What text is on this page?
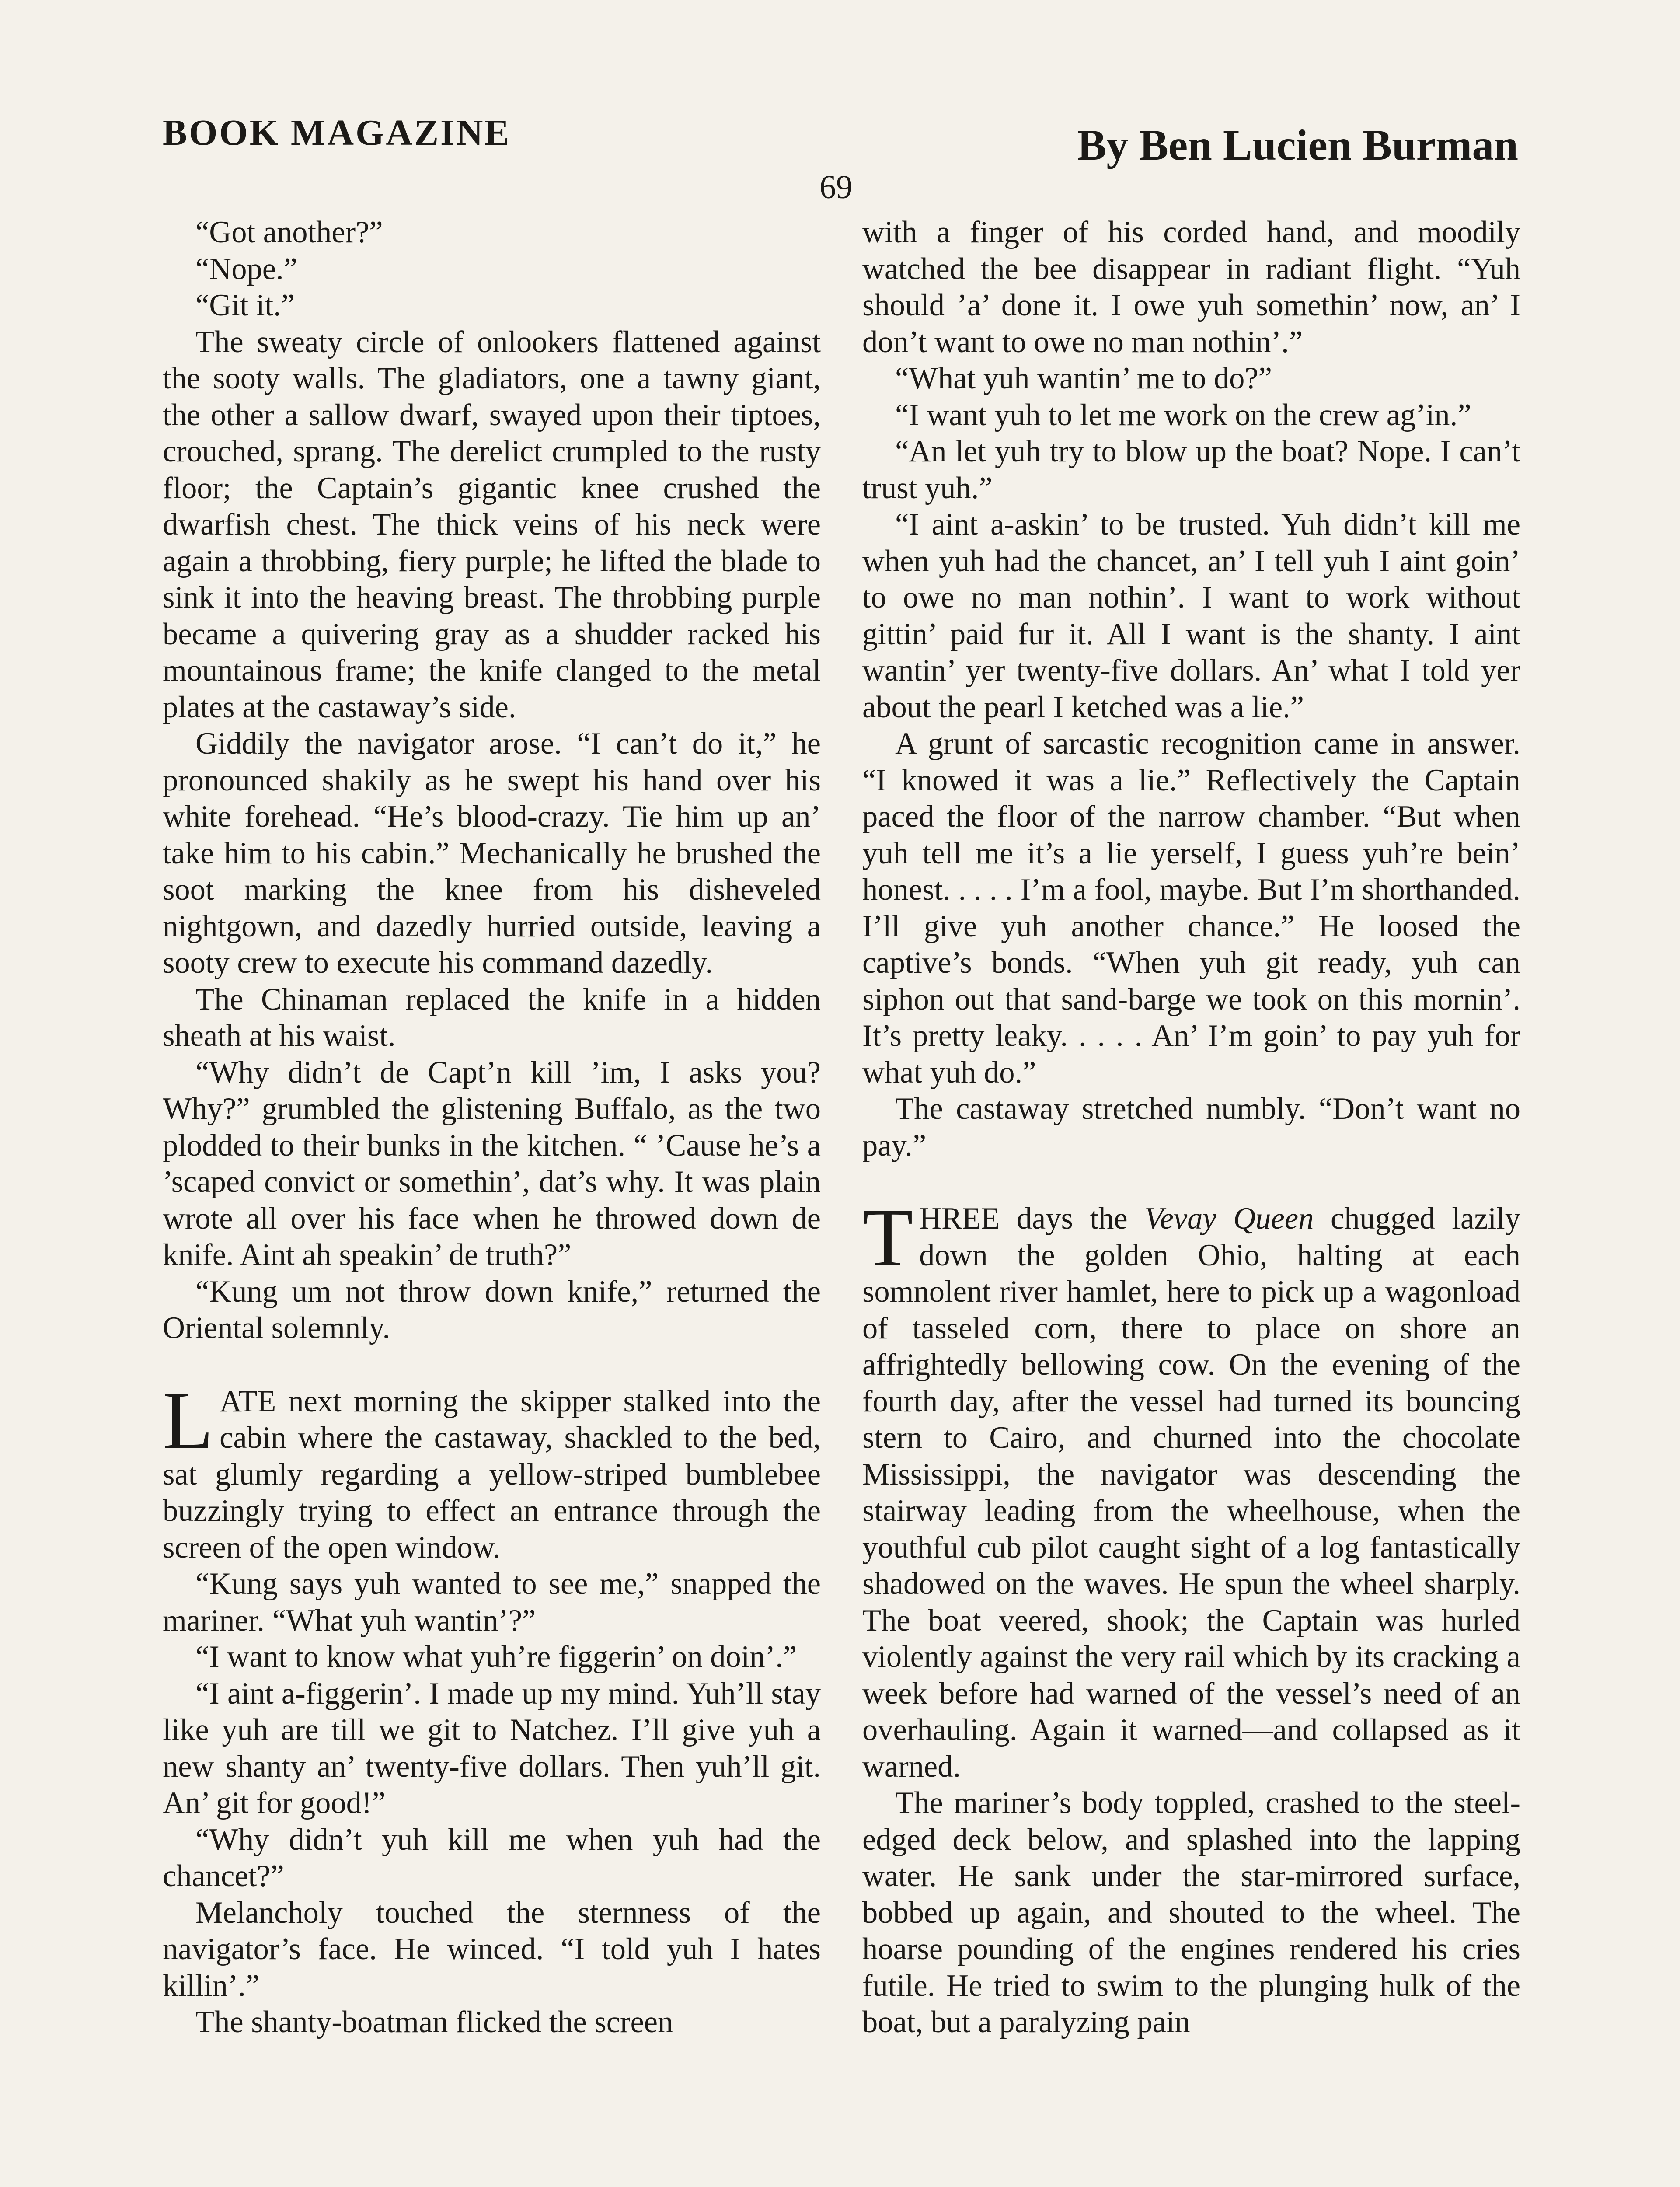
BOOK MAGAZINE	By Ben Lucien Burman
69

“Got another?”

“Nope.”

“Git it.”

The sweaty circle of onlookers flattened against the sooty walls. The gladiators, one a tawny giant, the other a sallow dwarf, swayed upon their tiptoes, crouched, sprang. The derelict crumpled to the rusty floor; the Captain’s gigantic knee crushed the dwarfish chest. The thick veins of his neck were again a throbbing, fiery purple; he lifted the blade to sink it into the heaving breast. The throbbing purple became a quivering gray as a shudder racked his mountainous frame; the knife clanged to the metal plates at the castaway’s side.

Giddily the navigator arose. “I can’t do it,” he pronounced shakily as he swept his hand over his white forehead. “He’s blood-crazy. Tie him up an’ take him to his cabin.” Mechanically he brushed the soot marking the knee from his disheveled nightgown, and dazedly hurried outside, leaving a sooty crew to execute his command dazedly.

The Chinaman replaced the knife in a hidden sheath at his waist.

“Why didn’t de Capt’n kill ’im, I asks you? Why?” grumbled the glistening Buffalo, as the two plodded to their bunks in the kitchen. “ ’Cause he’s a ’scaped convict or somethin’, dat’s why. It was plain wrote all over his face when he throwed down de knife. Aint ah speakin’ de truth?”

“Kung um not throw down knife,” returned the Oriental solemnly.

LATE next morning the skipper stalked into the cabin where the castaway, shackled to the bed, sat glumly regarding a yellow-striped bumblebee buzzingly trying to effect an entrance through the screen of the open window.

“Kung says yuh wanted to see me,” snapped the mariner. “What yuh wantin’?”

“I want to know what yuh’re figgerin’ on doin’.”

“I aint a-figgerin’. I made up my mind. Yuh’ll stay like yuh are till we git to Natchez. I’ll give yuh a new shanty an’ twenty-five dollars. Then yuh’ll git. An’ git for good!”

“Why didn’t yuh kill me when yuh had the chancet?”

Melancholy touched the sternness of the navigator’s face. He winced. “I told yuh I hates killin’.”

The shanty-boatman flicked the screen

with a finger of his corded hand, and moodily watched the bee disappear in radiant flight. “Yuh should ’a’ done it. I owe yuh somethin’ now, an’ I don’t want to owe no man nothin’.”

“What yuh wantin’ me to do?”

“I want yuh to let me work on the crew ag’in.”

“An let yuh try to blow up the boat? Nope. I can’t trust yuh.”

“I aint a-askin’ to be trusted. Yuh didn’t kill me when yuh had the chancet, an’ I tell yuh I aint goin’ to owe no man nothin’. I want to work without gittin’ paid fur it. All I want is the shanty. I aint wantin’ yer twenty-five dollars. An’ what I told yer about the pearl I ketched was a lie.”

A grunt of sarcastic recognition came in answer. “I knowed it was a lie.” Reflectively the Captain paced the floor of the narrow chamber. “But when yuh tell me it’s a lie yerself, I guess yuh’re bein’ honest. . . . . I’m a fool, maybe. But I’m shorthanded. I’ll give yuh another chance.” He loosed the captive’s bonds. “When yuh git ready, yuh can siphon out that sand-barge we took on this mornin’. It’s pretty leaky. . . . . An’ I’m goin’ to pay yuh for what yuh do.”

The castaway stretched numbly. “Don’t want no pay.”

THREE days the Vevay Queen chugged lazily down the golden Ohio, halting at each somnolent river hamlet, here to pick up a wagonload of tasseled corn, there to place on shore an affrightedly bellowing cow. On the evening of the fourth day, after the vessel had turned its bouncing stern to Cairo, and churned into the chocolate Mississippi, the navigator was descending the stairway leading from the wheelhouse, when the youthful cub pilot caught sight of a log fantastically shadowed on the waves. He spun the wheel sharply. The boat veered, shook; the Captain was hurled violently against the very rail which by its cracking a week before had warned of the vessel’s need of an overhauling. Again it warned—and collapsed as it warned.

The mariner’s body toppled, crashed to the steel-edged deck below, and splashed into the lapping water. He sank under the star-mirrored surface, bobbed up again, and shouted to the wheel. The hoarse pounding of the engines rendered his cries futile. He tried to swim to the plunging hulk of the boat, but a paralyzing pain
